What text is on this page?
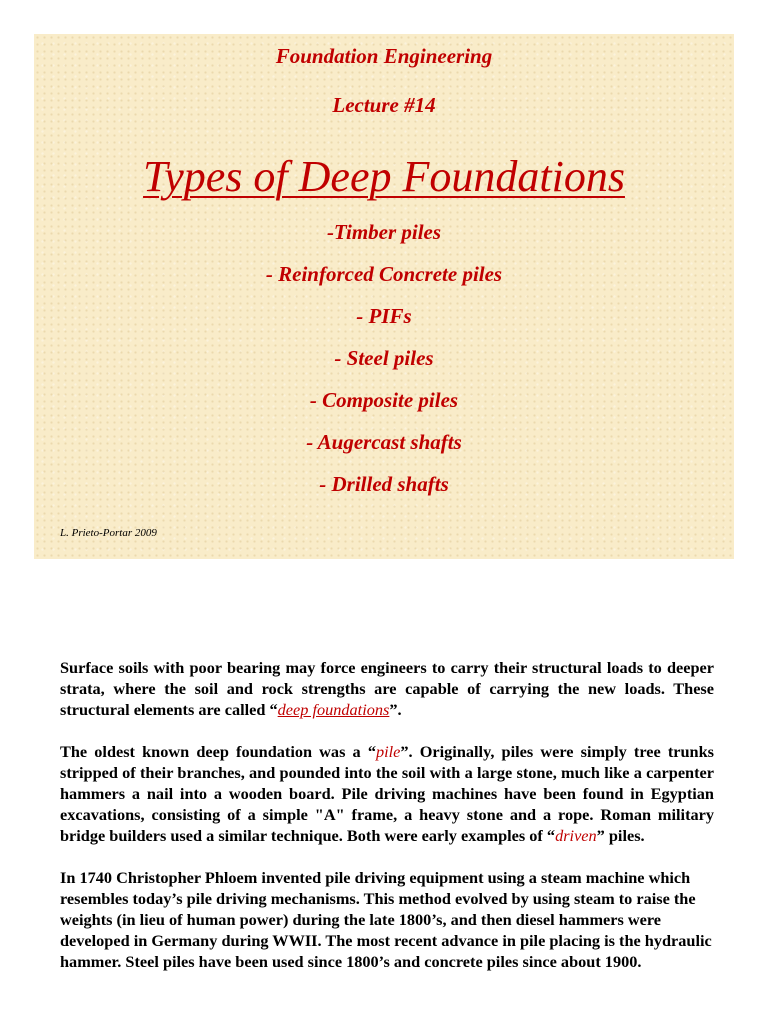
Foundation Engineering
Lecture #14
Types of Deep Foundations
-Timber piles
- Reinforced Concrete piles
- PIFs
- Steel piles
- Composite piles
- Augercast shafts
- Drilled shafts
L. Prieto-Portar 2009

Surface soils with poor bearing may force engineers to carry their structural loads to deeper strata, where the soil and rock strengths are capable of carrying the new loads. These structural elements are called “deep foundations”.

The oldest known deep foundation was a “pile”. Originally, piles were simply tree trunks stripped of their branches, and pounded into the soil with a large stone, much like a carpenter hammers a nail into a wooden board. Pile driving machines have been found in Egyptian excavations, consisting of a simple "A" frame, a heavy stone and a rope. Roman military bridge builders used a similar technique. Both were early examples of “driven” piles.

In 1740 Christopher Phloem invented pile driving equipment using a steam machine which resembles today’s pile driving mechanisms. This method evolved by using steam to raise the weights (in lieu of human power) during the late 1800’s, and then diesel hammers were developed in Germany during WWII. The most recent advance in pile placing is the hydraulic hammer. Steel piles have been used since 1800’s and concrete piles since about 1900.
